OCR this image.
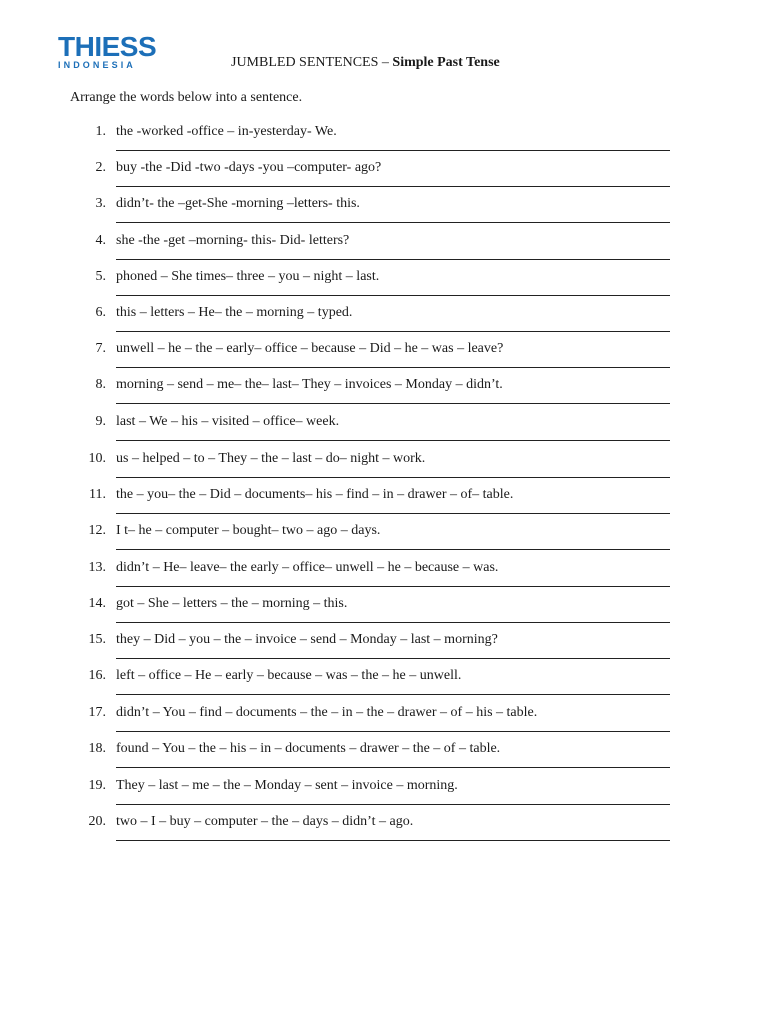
THIESS
INDONESIA	JUMBLED SENTENCES – Simple Past Tense
Arrange the words below into a sentence.
1. the -worked -office – in-yesterday- We.
2. buy -the -Did -two -days -you –computer- ago?
3. didn’t- the –get-She -morning –letters- this.
4. she -the -get –morning- this- Did- letters?
5. phoned – She times– three – you – night – last.
6. this – letters – He– the – morning – typed.
7. unwell – he – the – early– office – because – Did – he – was – leave?
8. morning – send – me– the– last– They – invoices – Monday – didn’t.
9. last – We – his – visited – office– week.
10. us – helped – to – They – the – last – do– night – work.
11. the – you– the – Did – documents– his – find – in – drawer – of– table.
12. I t– he – computer – bought– two – ago – days.
13. didn’t – He– leave– the early – office– unwell – he – because – was.
14. got – She – letters – the – morning – this.
15. they – Did – you – the – invoice – send – Monday – last – morning?
16. left – office – He – early – because – was – the – he – unwell.
17. didn’t – You – find – documents – the – in – the – drawer – of – his – table.
18. found – You – the – his – in – documents – drawer – the – of – table.
19. They – last – me – the – Monday – sent – invoice – morning.
20. two – I – buy – computer – the – days – didn’t – ago.
